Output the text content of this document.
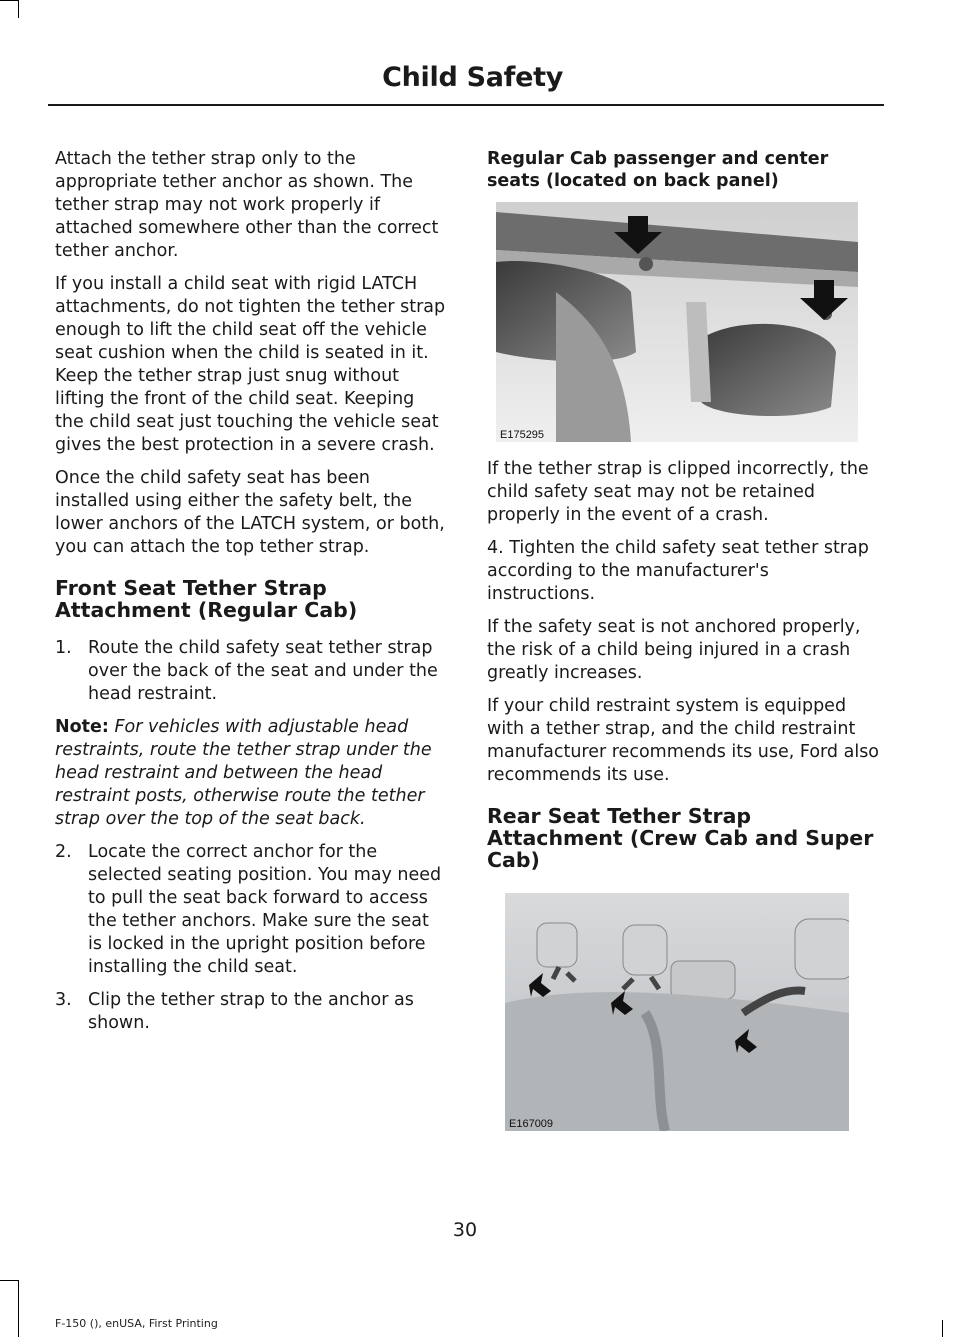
Child Safety

Attach the tether strap only to the appropriate tether anchor as shown. The tether strap may not work properly if attached somewhere other than the correct tether anchor.

If you install a child seat with rigid LATCH attachments, do not tighten the tether strap enough to lift the child seat off the vehicle seat cushion when the child is seated in it. Keep the tether strap just snug without lifting the front of the child seat. Keeping the child seat just touching the vehicle seat gives the best protection in a severe crash.

Once the child safety seat has been installed using either the safety belt, the lower anchors of the LATCH system, or both, you can attach the top tether strap.

Front Seat Tether Strap Attachment (Regular Cab)
1. Route the child safety seat tether strap over the back of the seat and under the head restraint.

Note: For vehicles with adjustable head restraints, route the tether strap under the head restraint and between the head restraint posts, otherwise route the tether strap over the top of the seat back.

2. Locate the correct anchor for the selected seating position. You may need to pull the seat back forward to access the tether anchors. Make sure the seat is locked in the upright position before installing the child seat.
3. Clip the tether strap to the anchor as shown.
Regular Cab passenger and center seats (located on back panel)
E175295

If the tether strap is clipped incorrectly, the child safety seat may not be retained properly in the event of a crash.

4. Tighten the child safety seat tether strap according to the manufacturer's instructions.

If the safety seat is not anchored properly, the risk of a child being injured in a crash greatly increases.

If your child restraint system is equipped with a tether strap, and the child restraint manufacturer recommends its use, Ford also recommends its use.

Rear Seat Tether Strap Attachment (Crew Cab and Super Cab)
E167009
30
F-150 (), enUSA, First Printing
